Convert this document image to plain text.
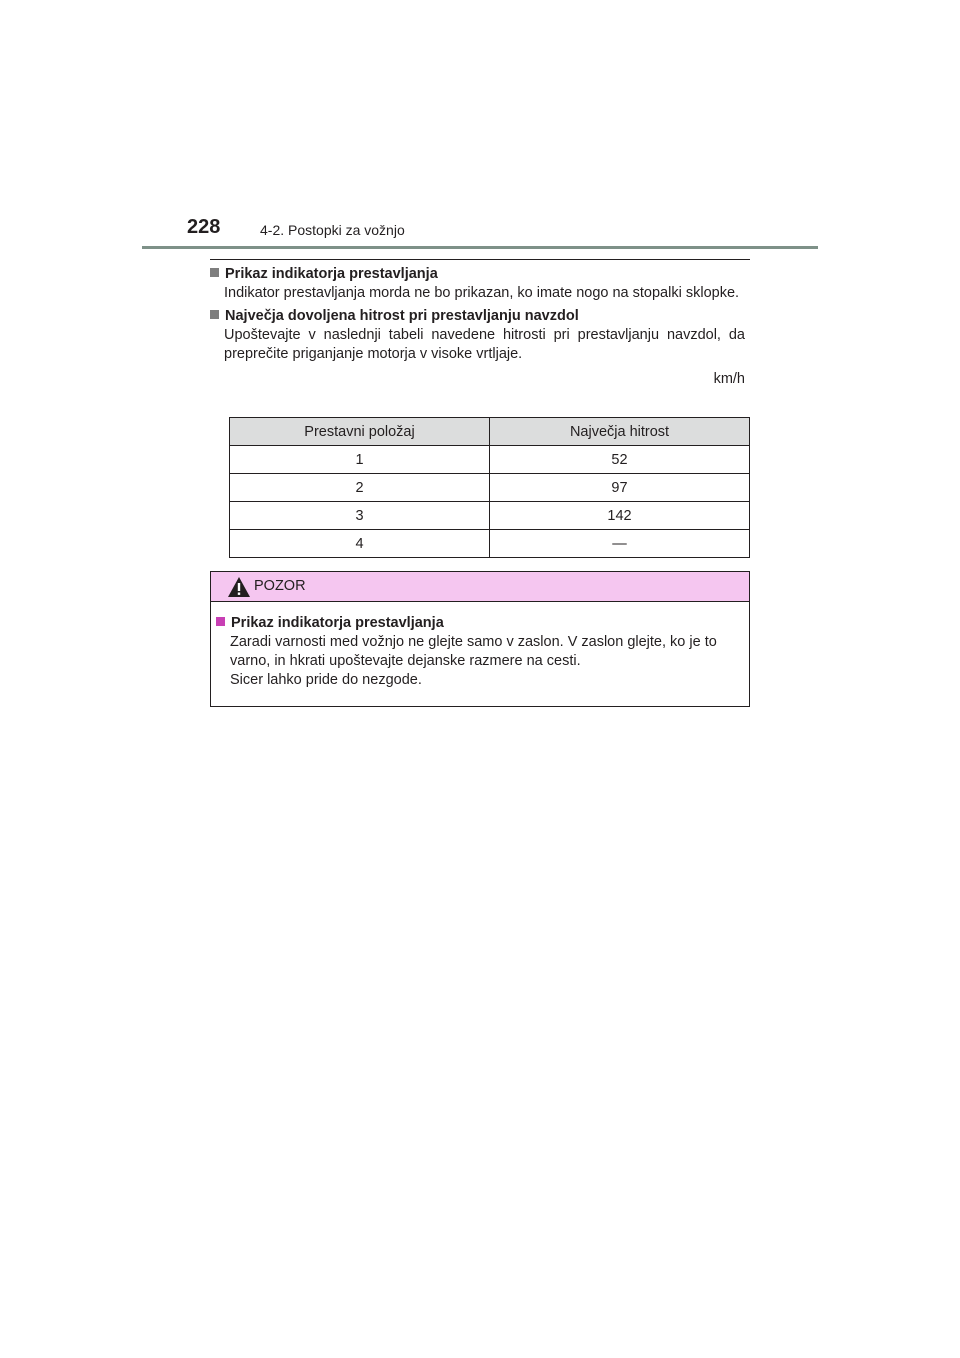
228	4-2. Postopki za vožnjo
Prikaz indikatorja prestavljanja
Indikator prestavljanja morda ne bo prikazan, ko imate nogo na stopalki sklopke.
Največja dovoljena hitrost pri prestavljanju navzdol
Upoštevajte v naslednji tabeli navedene hitrosti pri prestavljanju navzdol, da preprečite priganjanje motorja v visoke vrtljaje.
km/h
Prestavni položaj	Največja hitrost
1	52
2	97
3	142
4	—
POZOR
Prikaz indikatorja prestavljanja
Zaradi varnosti med vožnjo ne glejte samo v zaslon. V zaslon glejte, ko je to
varno, in hkrati upoštevajte dejanske razmere na cesti.
Sicer lahko pride do nezgode.
